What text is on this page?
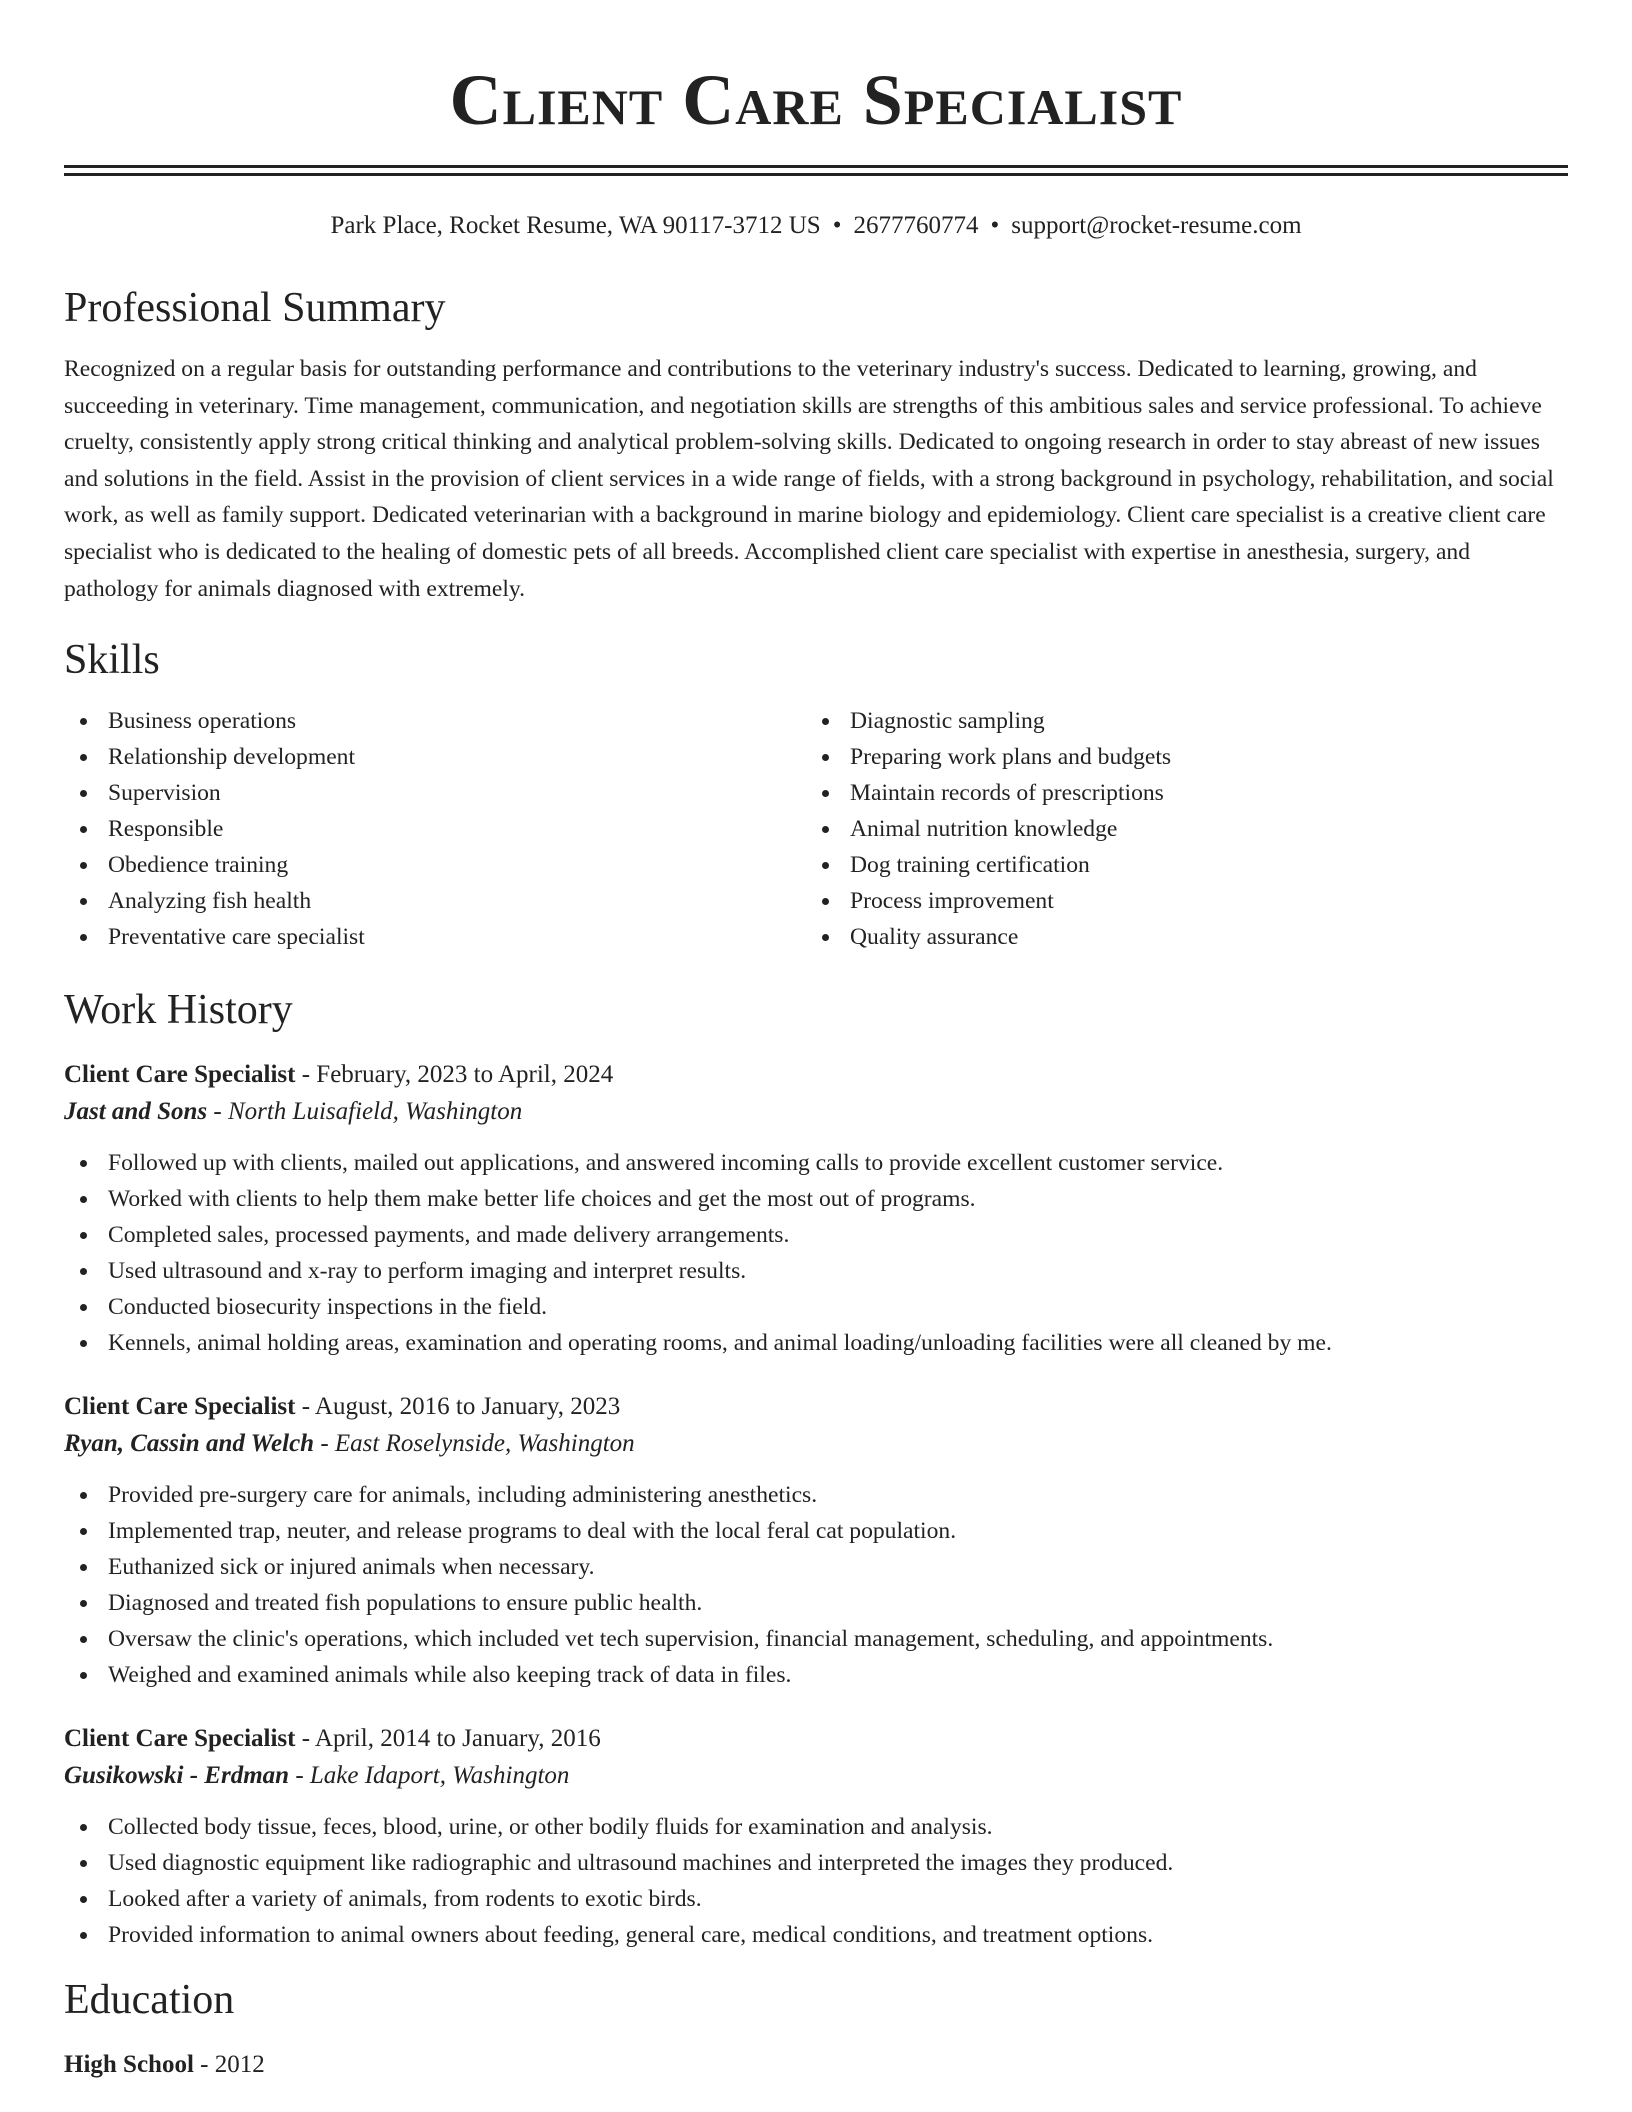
Client Care Specialist
Park Place, Rocket Resume, WA 90117-3712 US • 2677760774 • support@rocket-resume.com
Professional Summary

Recognized on a regular basis for outstanding performance and contributions to the veterinary industry's success. Dedicated to learning, growing, and succeeding in veterinary. Time management, communication, and negotiation skills are strengths of this ambitious sales and service professional. To achieve cruelty, consistently apply strong critical thinking and analytical problem-solving skills. Dedicated to ongoing research in order to stay abreast of new issues and solutions in the field. Assist in the provision of client services in a wide range of fields, with a strong background in psychology, rehabilitation, and social work, as well as family support. Dedicated veterinarian with a background in marine biology and epidemiology. Client care specialist is a creative client care specialist who is dedicated to the healing of domestic pets of all breeds. Accomplished client care specialist with expertise in anesthesia, surgery, and pathology for animals diagnosed with extremely.

Skills
Business operations
Relationship development
Supervision
Responsible
Obedience training
Analyzing fish health
Preventative care specialist
Diagnostic sampling
Preparing work plans and budgets
Maintain records of prescriptions
Animal nutrition knowledge
Dog training certification
Process improvement
Quality assurance
Work History
Client Care Specialist - February, 2023 to April, 2024
Jast and Sons - North Luisafield, Washington
Followed up with clients, mailed out applications, and answered incoming calls to provide excellent customer service.
Worked with clients to help them make better life choices and get the most out of programs.
Completed sales, processed payments, and made delivery arrangements.
Used ultrasound and x-ray to perform imaging and interpret results.
Conducted biosecurity inspections in the field.
Kennels, animal holding areas, examination and operating rooms, and animal loading/unloading facilities were all cleaned by me.
Client Care Specialist - August, 2016 to January, 2023
Ryan, Cassin and Welch - East Roselynside, Washington
Provided pre-surgery care for animals, including administering anesthetics.
Implemented trap, neuter, and release programs to deal with the local feral cat population.
Euthanized sick or injured animals when necessary.
Diagnosed and treated fish populations to ensure public health.
Oversaw the clinic's operations, which included vet tech supervision, financial management, scheduling, and appointments.
Weighed and examined animals while also keeping track of data in files.
Client Care Specialist - April, 2014 to January, 2016
Gusikowski - Erdman - Lake Idaport, Washington
Collected body tissue, feces, blood, urine, or other bodily fluids for examination and analysis.
Used diagnostic equipment like radiographic and ultrasound machines and interpreted the images they produced.
Looked after a variety of animals, from rodents to exotic birds.
Provided information to animal owners about feeding, general care, medical conditions, and treatment options.
Education
High School - 2012
